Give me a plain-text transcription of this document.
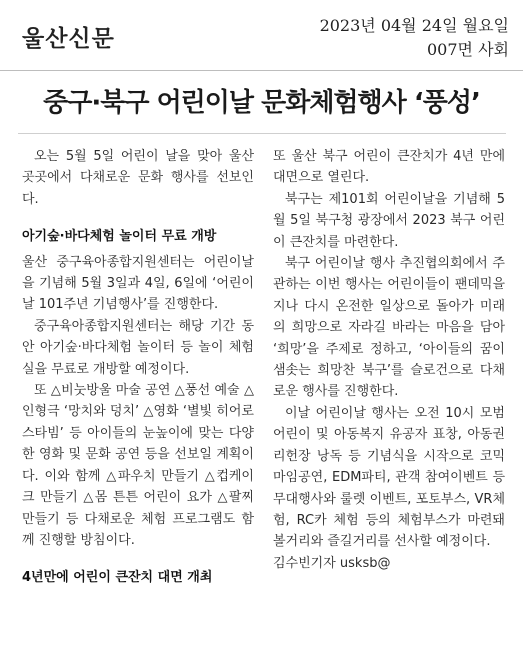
울산신문
2023년 04월 24일 월요일
007면 사회
중구·북구 어린이날 문화체험행사 ‘풍성’

오는 5월 5일 어린이 날을 맞아 울산 곳곳에서 다채로운 문화 행사를 선보인다.

아기숲·바다체험 놀이터 무료 개방

울산 중구육아종합지원센터는 어린이날을 기념해 5월 3일과 4일, 6일에 ‘어린이날 101주년 기념행사’를 진행한다.

중구육아종합지원센터는 해당 기간 동안 아기숲·바다체험 놀이터 등 놀이 체험실을 무료로 개방할 예정이다.

또 △비눗방울 마술 공연 △풍선 예술 △인형극 ‘망치와 덩치’ △영화 ‘별빛 히어로 스타빔’ 등 아이들의 눈높이에 맞는 다양한 영화 및 문화 공연 등을 선보일 계획이다. 이와 함께 △파우치 만들기 △컵케이크 만들기 △몸 튼튼 어린이 요가 △팔찌 만들기 등 다채로운 체험 프로그램도 함께 진행할 방침이다.

4년만에 어린이 큰잔치 대면 개최

또 울산 북구 어린이 큰잔치가 4년 만에 대면으로 열린다.

북구는 제101회 어린이날을 기념해 5월 5일 북구청 광장에서 2023 북구 어린이 큰잔치를 마련한다.

북구 어린이날 행사 추진협의회에서 주관하는 이번 행사는 어린이들이 팬데믹을 지나 다시 온전한 일상으로 돌아가 미래의 희망으로 자라길 바라는 마음을 담아 ‘희망’을 주제로 정하고, ‘아이들의 꿈이 샘솟는 희망찬 북구’를 슬로건으로 다채로운 행사를 진행한다.

이날 어린이날 행사는 오전 10시 모범 어린이 및 아동복지 유공자 표창, 아동권리헌장 낭독 등 기념식을 시작으로 코믹마임공연, EDM파티, 관객 참여이벤트 등 무대행사와 룰렛 이벤트, 포토부스, VR체험, RC카 체험 등의 체험부스가 마련돼 볼거리와 즐길거리를 선사할 예정이다.

김수빈기자 usksb@
